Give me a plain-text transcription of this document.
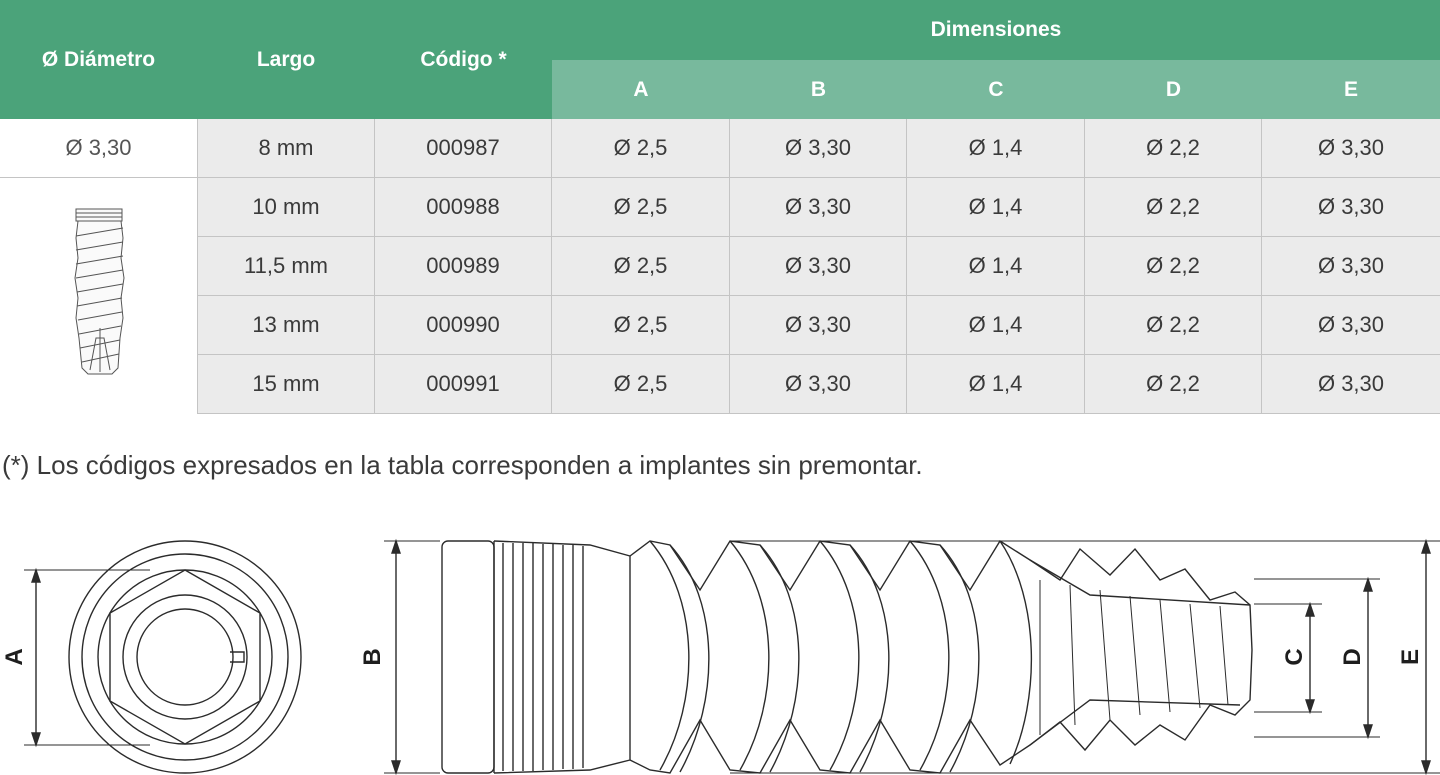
Ø Diámetro	Largo	Código *
Dimensiones
A	B	C	D	E
Ø 3,30	8 mm	000987	Ø 2,5	Ø 3,30	Ø 1,4	Ø 2,2	Ø 3,30
10 mm	000988	Ø 2,5	Ø 3,30	Ø 1,4	Ø 2,2	Ø 3,30
11,5 mm	000989	Ø 2,5	Ø 3,30	Ø 1,4	Ø 2,2	Ø 3,30
13 mm	000990	Ø 2,5	Ø 3,30	Ø 1,4	Ø 2,2	Ø 3,30
15 mm	000991	Ø 2,5	Ø 3,30	Ø 1,4	Ø 2,2	Ø 3,30
(*) Los códigos expresados en la tabla corresponden a implantes sin premontar.
A	B	C D E
